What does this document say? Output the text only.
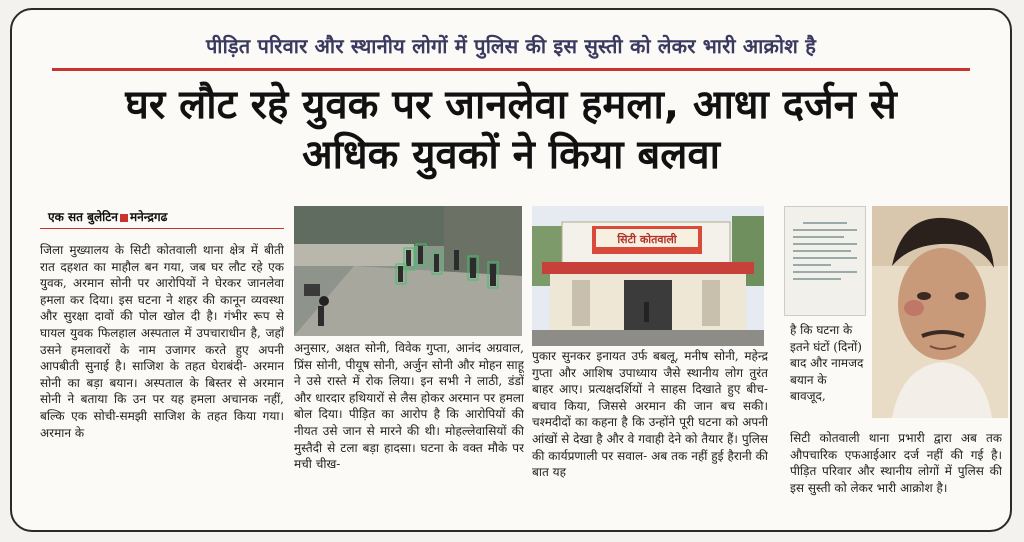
पीड़ित परिवार और स्थानीय लोगों में पुलिस की इस सुस्ती को लेकर भारी आक्रोश है
घर लौट रहे युवक पर जानलेवा हमला, आधा दर्जन से
अधिक युवकों ने किया बलवा
एक सत बुलेटिन मनेन्द्रगढ
जिला मुख्यालय के सिटी कोतवाली थाना क्षेत्र में बीती रात दहशत का माहौल बन गया, जब घर लौट रहे एक युवक, अरमान सोनी पर आरोपियों ने घेरकर जानलेवा हमला कर दिया। इस घटना ने शहर की कानून व्यवस्था और सुरक्षा दावों की पोल खोल दी है। गंभीर रूप से घायल युवक फिलहाल अस्पताल में उपचाराधीन है, जहाँ उसने हमलावरों के नाम उजागर करते हुए अपनी आपबीती सुनाई है। साजिश के तहत घेराबंदी- अरमान सोनी का बड़ा बयान। अस्पताल के बिस्तर से अरमान सोनी ने बताया कि उन पर यह हमला अचानक नहीं, बल्कि एक सोची-समझी साजिश के तहत किया गया। अरमान के
अनुसार, अक्षत सोनी, विवेक गुप्ता, आनंद अग्रवाल, प्रिंस सोनी, पीयूष सोनी, अर्जुन सोनी और मोहन साहू ने उसे रास्ते में रोक लिया। इन सभी ने लाठी, डंडों और धारदार हथियारों से लैस होकर अरमान पर हमला बोल दिया। पीड़ित का आरोप है कि आरोपियों की नीयत उसे जान से मारने की थी। मोहल्लेवासियों की मुस्तैदी से टला बड़ा हादसा। घटना के वक्त मौके पर मची चीख-
सिटी कोतवाली
पुकार सुनकर इनायत उर्फ बबलू, मनीष सोनी, महेन्द्र गुप्ता और आशिष उपाध्याय जैसे स्थानीय लोग तुरंत बाहर आए। प्रत्यक्षदर्शियों ने साहस दिखाते हुए बीच-बचाव किया, जिससे अरमान की जान बच सकी। चश्मदीदों का कहना है कि उन्होंने पूरी घटना को अपनी आंखों से देखा है और वे गवाही देने को तैयार हैं। पुलिस की कार्यप्रणाली पर सवाल- अब तक नहीं हुई हैरानी की बात यह
है कि घटना के इतने घंटों (दिनों) बाद और नामजद बयान के बावजूद,
सिटी कोतवाली थाना प्रभारी द्वारा अब तक औपचारिक एफआईआर दर्ज नहीं की गई है। पीड़ित परिवार और स्थानीय लोगों में पुलिस की इस सुस्ती को लेकर भारी आक्रोश है।
